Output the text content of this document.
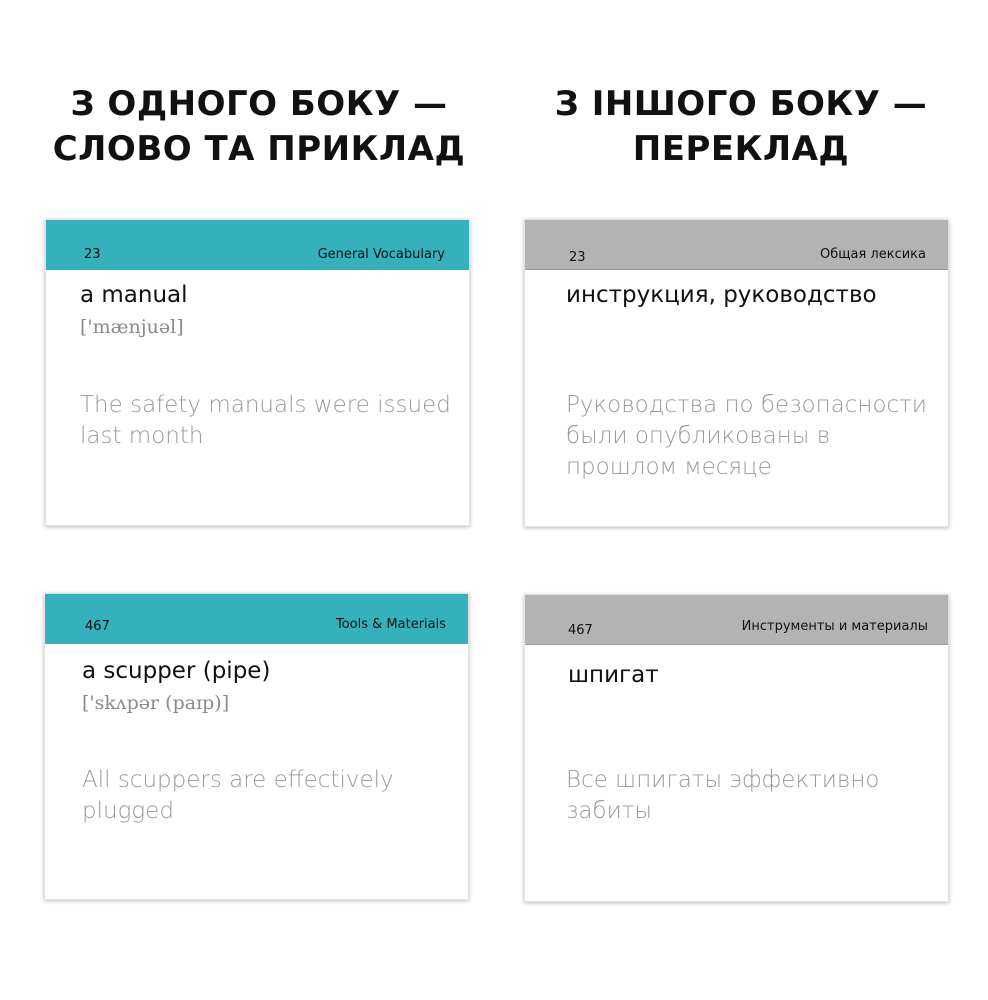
З ОДНОГО БОКУ —
СЛОВО ТА ПРИКЛАД
З ІНШОГО БОКУ —
ПЕРЕКЛАД
23	General Vocabulary
a manual
['mænjuəl]
The safety manuals were issued
last month
23	Общая лексика
инструкция, руководство
Руководства по безопасности
были опубликованы в
прошлом месяце
467	Tools & Materials
a scupper (pipe)
['skʌpər (paɪp)]
All scuppers are effectively
plugged
467	Инструменты и материалы
шпигат
Все шпигаты эффективно
забиты
